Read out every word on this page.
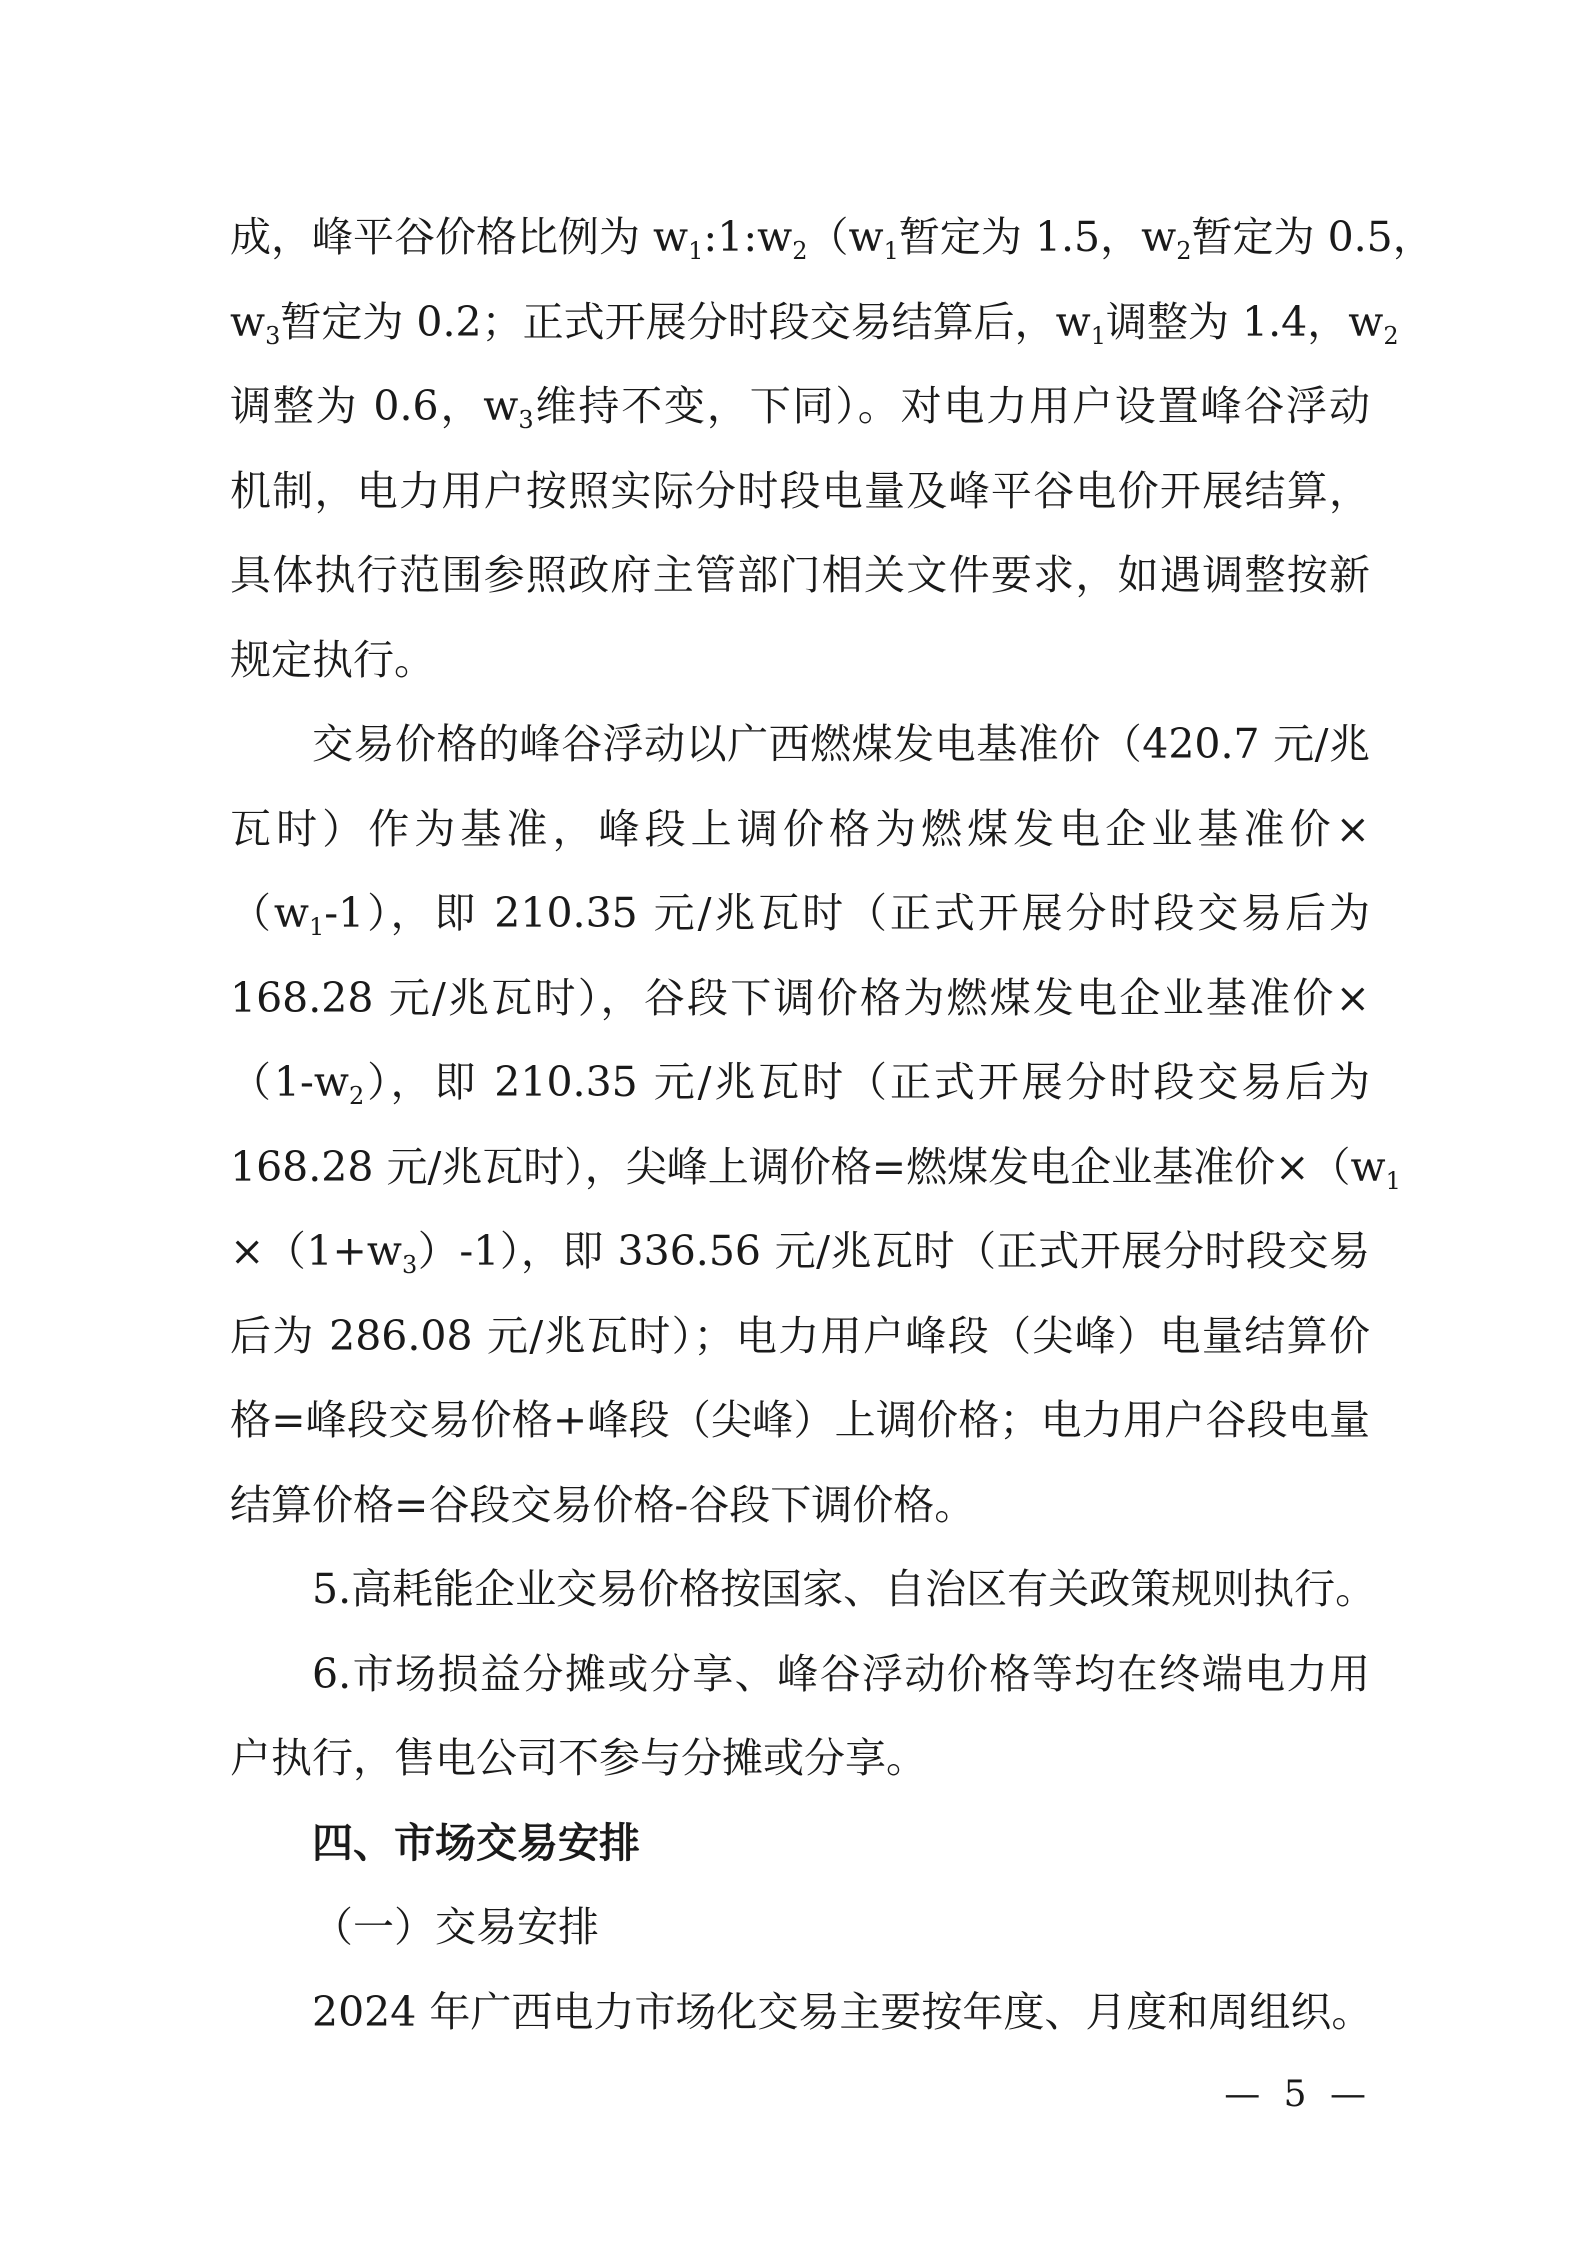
成，峰平谷价格比例为 $w_1:1:w_2(w_1$暂定为 1.5，$w_2$暂定为 0.5，
$w_3$暂定为 0.2；正式开展分时段交易结算后，$w_1$调整为 1.4，$w_2$
调整为 0.6，$w_3$维持不变，下同）。对电力用户设置峰谷浮动
机制，电力用户按照实际分时段电量及峰平谷电价开展结算，
具体执行范围参照政府主管部门相关文件要求，如遇调整按新
规定执行。
交易价格的峰谷浮动以广西燃煤发电基准价（420.7 元/兆
瓦时）作为基准，峰段上调价格为燃煤发电企业基准价×
$(w_1-1)$，即 210.35 元/兆瓦时（正式开展分时段交易后为
168.28 元/兆瓦时），谷段下调价格为燃煤发电企业基准价×
$(1-w_2)$，即 210.35 元/兆瓦时（正式开展分时段交易后为
168.28 元/兆瓦时），尖峰上调价格=燃煤发电企业基准价$\times(w_1$
$\times(1+w_3)-1$），即 336.56 元/兆瓦时（正式开展分时段交易
后为 286.08 元/兆瓦时）；电力用户峰段（尖峰）电量结算价
格=峰段交易价格+峰段（尖峰）上调价格；电力用户谷段电量
结算价格=谷段交易价格-谷段下调价格。
5.高耗能企业交易价格按国家、自治区有关政策规则执行。
6.市场损益分摊或分享、峰谷浮动价格等均在终端电力用
户执行，售电公司不参与分摊或分享。
四、市场交易安排
（一）交易安排
2024 年广西电力市场化交易主要按年度、月度和周组织。
— 5 —
